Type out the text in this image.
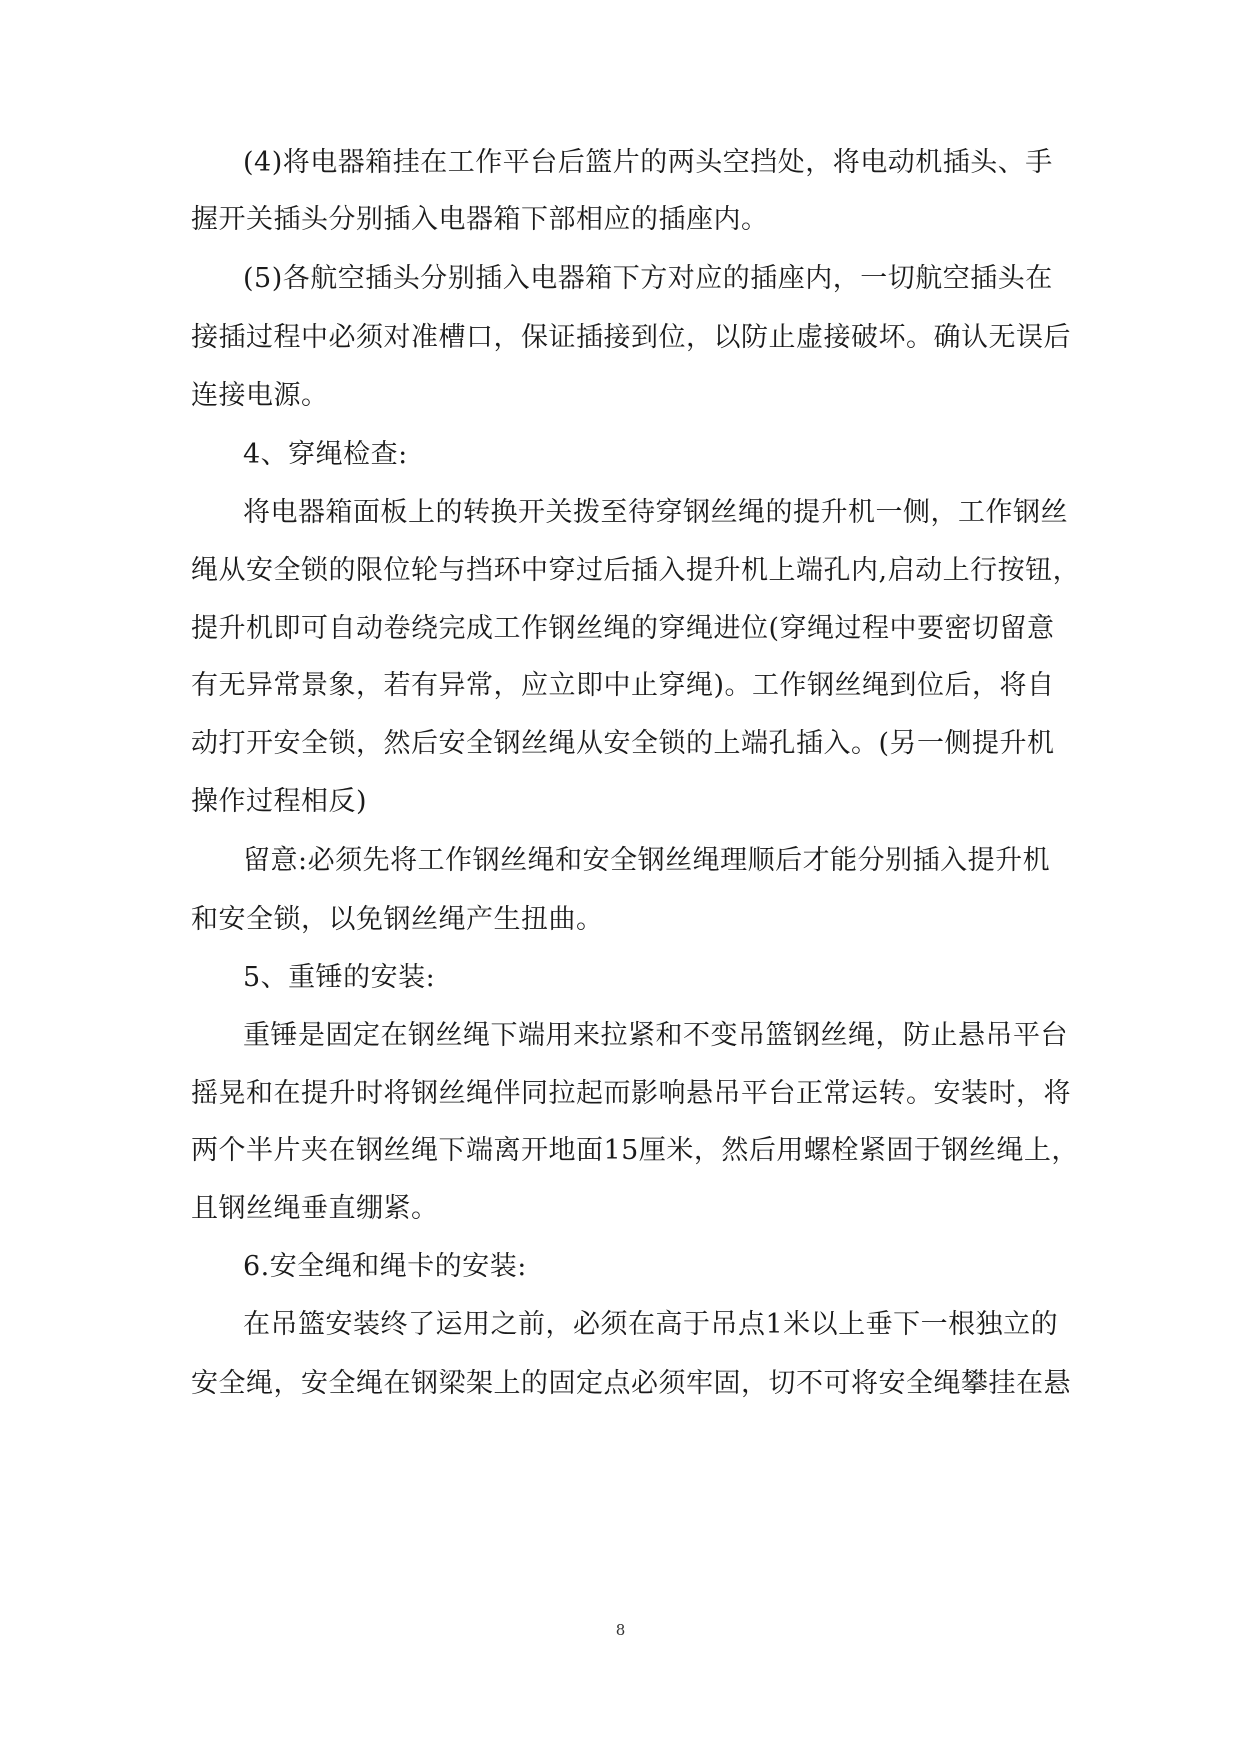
(4)将电器箱挂在工作平台后篮片的两头空挡处，将电动机插头、手
握开关插头分别插入电器箱下部相应的插座内。
(5)各航空插头分别插入电器箱下方对应的插座内，一切航空插头在
接插过程中必须对准槽口，保证插接到位，以防止虚接破坏。确认无误后
连接电源。
4、穿绳检查:
将电器箱面板上的转换开关拨至待穿钢丝绳的提升机一侧，工作钢丝
绳从安全锁的限位轮与挡环中穿过后插入提升机上端孔内,启动上行按钮，
提升机即可自动卷绕完成工作钢丝绳的穿绳进位(穿绳过程中要密切留意
有无异常景象，若有异常，应立即中止穿绳)。工作钢丝绳到位后，将自
动打开安全锁，然后安全钢丝绳从安全锁的上端孔插入。(另一侧提升机
操作过程相反)
留意:必须先将工作钢丝绳和安全钢丝绳理顺后才能分别插入提升机
和安全锁，以免钢丝绳产生扭曲。
5、重锤的安装:
重锤是固定在钢丝绳下端用来拉紧和不变吊篮钢丝绳，防止悬吊平台
摇晃和在提升时将钢丝绳伴同拉起而影响悬吊平台正常运转。安装时，将
两个半片夹在钢丝绳下端离开地面15厘米，然后用螺栓紧固于钢丝绳上，
且钢丝绳垂直绷紧。
6.安全绳和绳卡的安装:
在吊篮安装终了运用之前，必须在高于吊点1米以上垂下一根独立的
安全绳，安全绳在钢梁架上的固定点必须牢固，切不可将安全绳攀挂在悬
8
